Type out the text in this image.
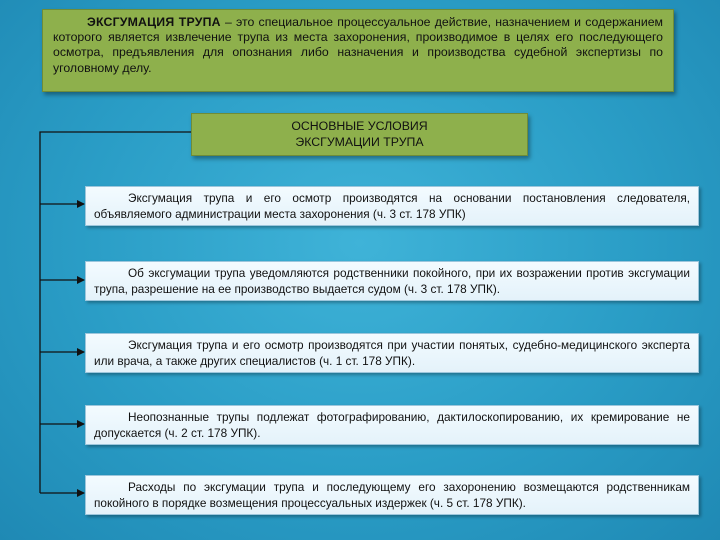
ЭКСГУМАЦИЯ ТРУПА – это специальное процессуальное действие, назначением и содержанием которого является извлечение трупа из места захоронения, производимое в целях его последующего осмотра, предъявления для опознания либо назначения и производства судебной экспертизы по уголовному делу.
ОСНОВНЫЕ УСЛОВИЯ
ЭКСГУМАЦИИ ТРУПА
Эксгумация трупа и его осмотр производятся на основании постановления следователя, объявляемого администрации места захоронения (ч. 3 ст. 178 УПК)
Об эксгумации трупа уведомляются родственники покойного, при их возражении против эксгумации трупа, разрешение на ее производство выдается судом (ч. 3 ст. 178 УПК).
Эксгумация трупа и его осмотр производятся при участии понятых, судебно-медицинского эксперта или врача, а также других специалистов (ч. 1 ст. 178 УПК).
Неопознанные трупы подлежат фотографированию, дактилоскопированию, их кремирование не допускается (ч. 2 ст. 178 УПК).
Расходы по эксгумации трупа и последующему его захоронению возмещаются родственникам покойного в порядке возмещения процессуальных издержек (ч. 5 ст. 178 УПК).
